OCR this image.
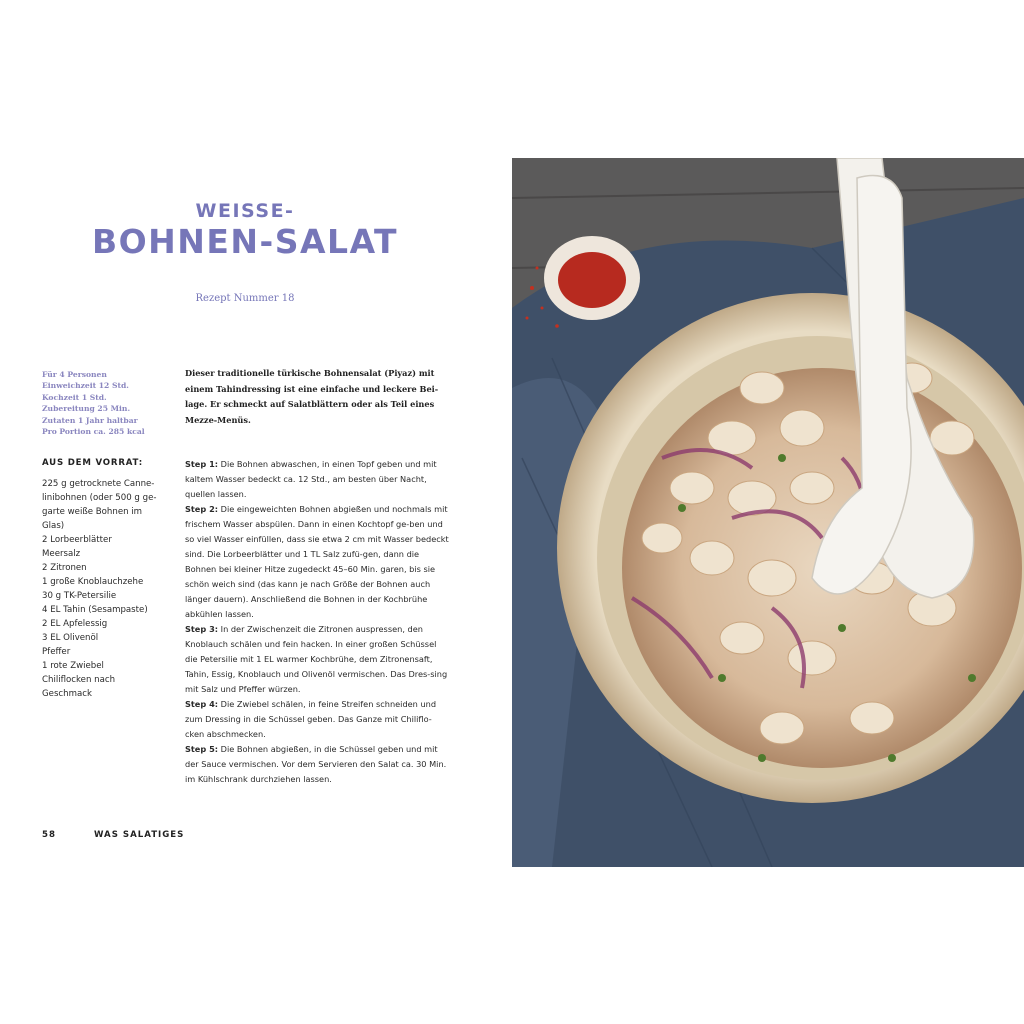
WEISSE-
BOHNEN-SALAT
Rezept Nummer 18
Für 4 Personen
Einweichzeit 12 Std.
Kochzeit 1 Std.
Zubereitung 25 Min.
Zutaten 1 Jahr haltbar
Pro Portion ca. 285 kcal
AUS DEM VORRAT:
225 g getrocknete Canne-linibohnen (oder 500 g ge-garte weiße Bohnen im Glas)
2 Lorbeerblätter
Meersalz
2 Zitronen
1 große Knoblauchzehe
30 g TK-Petersilie
4 EL Tahin (Sesampaste)
2 EL Apfelessig
3 EL Olivenöl
Pfeffer
1 rote Zwiebel
Chiliflocken nach Geschmack
Dieser traditionelle türkische Bohnensalat (Piyaz) mit einem Tahindressing ist eine einfache und leckere Bei-lage. Er schmeckt auf Salatblättern oder als Teil eines Mezze-Menüs.

Step 1: Die Bohnen abwaschen, in einen Topf geben und mit kaltem Wasser bedeckt ca. 12 Std., am besten über Nacht, quellen lassen.

Step 2: Die eingeweichten Bohnen abgießen und nochmals mit frischem Wasser abspülen. Dann in einen Kochtopf ge-ben und so viel Wasser einfüllen, dass sie etwa 2 cm mit Wasser bedeckt sind. Die Lorbeerblätter und 1 TL Salz zufü-gen, dann die Bohnen bei kleiner Hitze zugedeckt 45–60 Min. garen, bis sie schön weich sind (das kann je nach Größe der Bohnen auch länger dauern). Anschließend die Bohnen in der Kochbrühe abkühlen lassen.

Step 3: In der Zwischenzeit die Zitronen auspressen, den Knoblauch schälen und fein hacken. In einer großen Schüssel die Petersilie mit 1 EL warmer Kochbrühe, dem Zitronensaft, Tahin, Essig, Knoblauch und Olivenöl vermischen. Das Dres-sing mit Salz und Pfeffer würzen.

Step 4: Die Zwiebel schälen, in feine Streifen schneiden und zum Dressing in die Schüssel geben. Das Ganze mit Chiliflo-cken abschmecken.

Step 5: Die Bohnen abgießen, in die Schüssel geben und mit der Sauce vermischen. Vor dem Servieren den Salat ca. 30 Min. im Kühlschrank durchziehen lassen.

58	WAS SALATIGES
